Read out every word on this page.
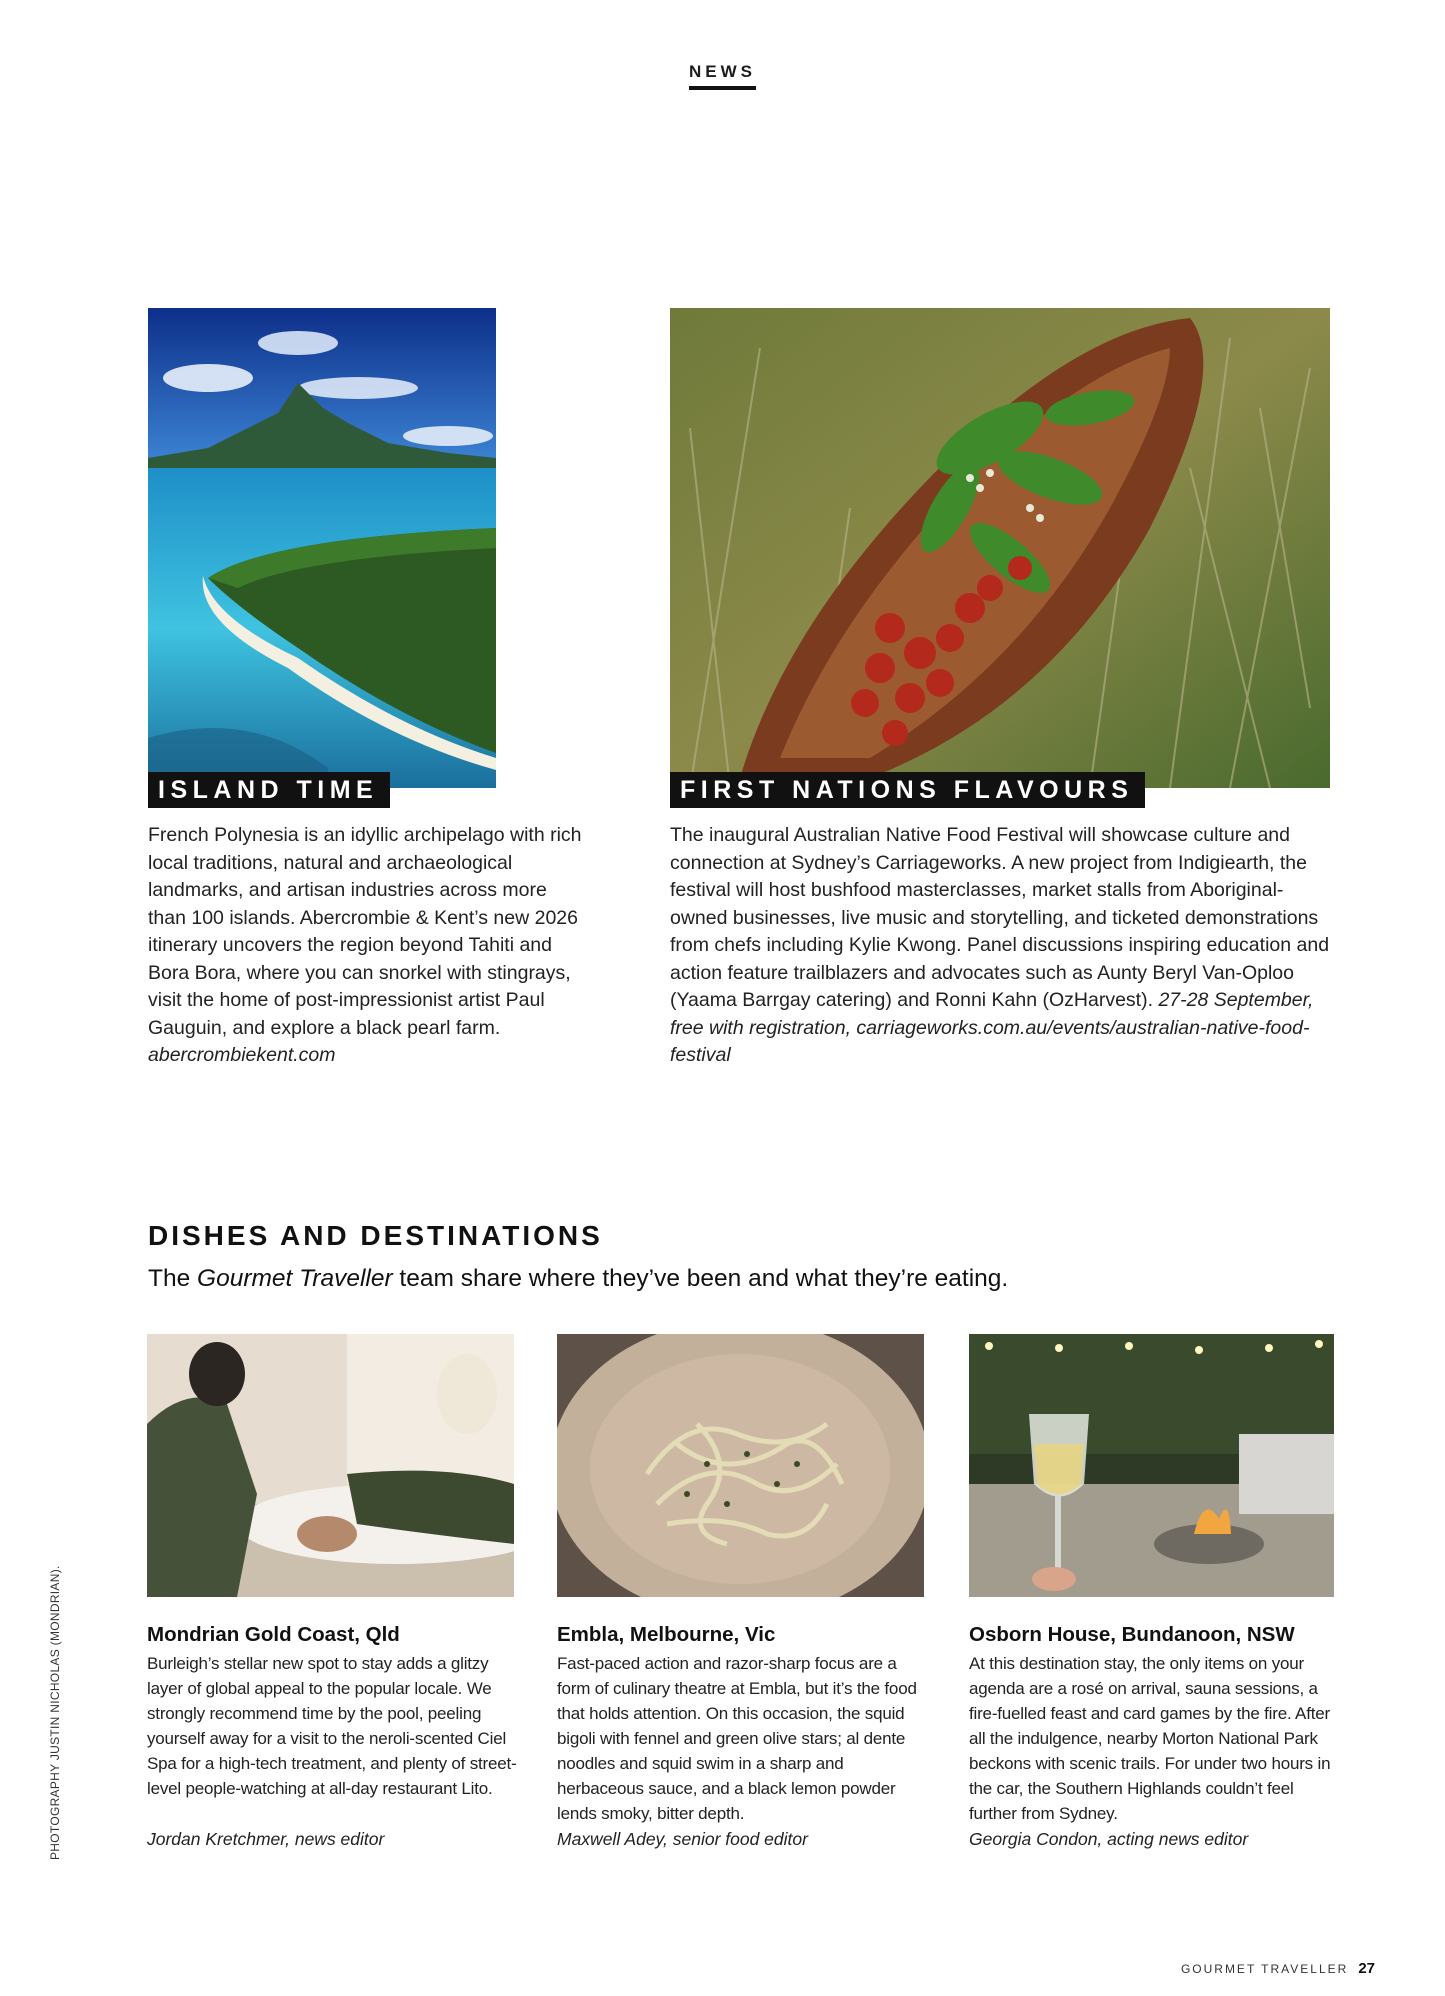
NEWS
ISLAND TIME
French Polynesia is an idyllic archipelago with rich local traditions, natural and archaeological landmarks, and artisan industries across more than 100 islands. Abercrombie & Kent’s new 2026 itinerary uncovers the region beyond Tahiti and Bora Bora, where you can snorkel with stingrays, visit the home of post-impressionist artist Paul Gauguin, and explore a black pearl farm. abercrombiekent.com
FIRST NATIONS FLAVOURS
The inaugural Australian Native Food Festival will showcase culture and connection at Sydney’s Carriageworks. A new project from Indigiearth, the festival will host bushfood masterclasses, market stalls from Aboriginal-owned businesses, live music and storytelling, and ticketed demonstrations from chefs including Kylie Kwong. Panel discussions inspiring education and action feature trailblazers and advocates such as Aunty Beryl Van-Oploo (Yaama Barrgay catering) and Ronni Kahn (OzHarvest). 27-28 September, free with registration, carriageworks.com.au/events/australian-native-food-festival
DISHES AND DESTINATIONS
The Gourmet Traveller team share where they’ve been and what they’re eating.
Mondrian Gold Coast, Qld
Burleigh’s stellar new spot to stay adds a glitzy layer of global appeal to the popular locale. We strongly recommend time by the pool, peeling yourself away for a visit to the neroli-scented Ciel Spa for a high-tech treatment, and plenty of street-level people-watching at all-day restaurant Lito.
Jordan Kretchmer, news editor
Embla, Melbourne, Vic
Fast-paced action and razor-sharp focus are a form of culinary theatre at Embla, but it’s the food that holds attention. On this occasion, the squid bigoli with fennel and green olive stars; al dente noodles and squid swim in a sharp and herbaceous sauce, and a black lemon powder lends smoky, bitter depth.
Maxwell Adey, senior food editor
Osborn House, Bundanoon, NSW
At this destination stay, the only items on your agenda are a rosé on arrival, sauna sessions, a fire-fuelled feast and card games by the fire. After all the indulgence, nearby Morton National Park beckons with scenic trails. For under two hours in the car, the Southern Highlands couldn’t feel further from Sydney.
Georgia Condon, acting news editor
PHOTOGRAPHY JUSTIN NICHOLAS (MONDRIAN).
GOURMET TRAVELLER 27
